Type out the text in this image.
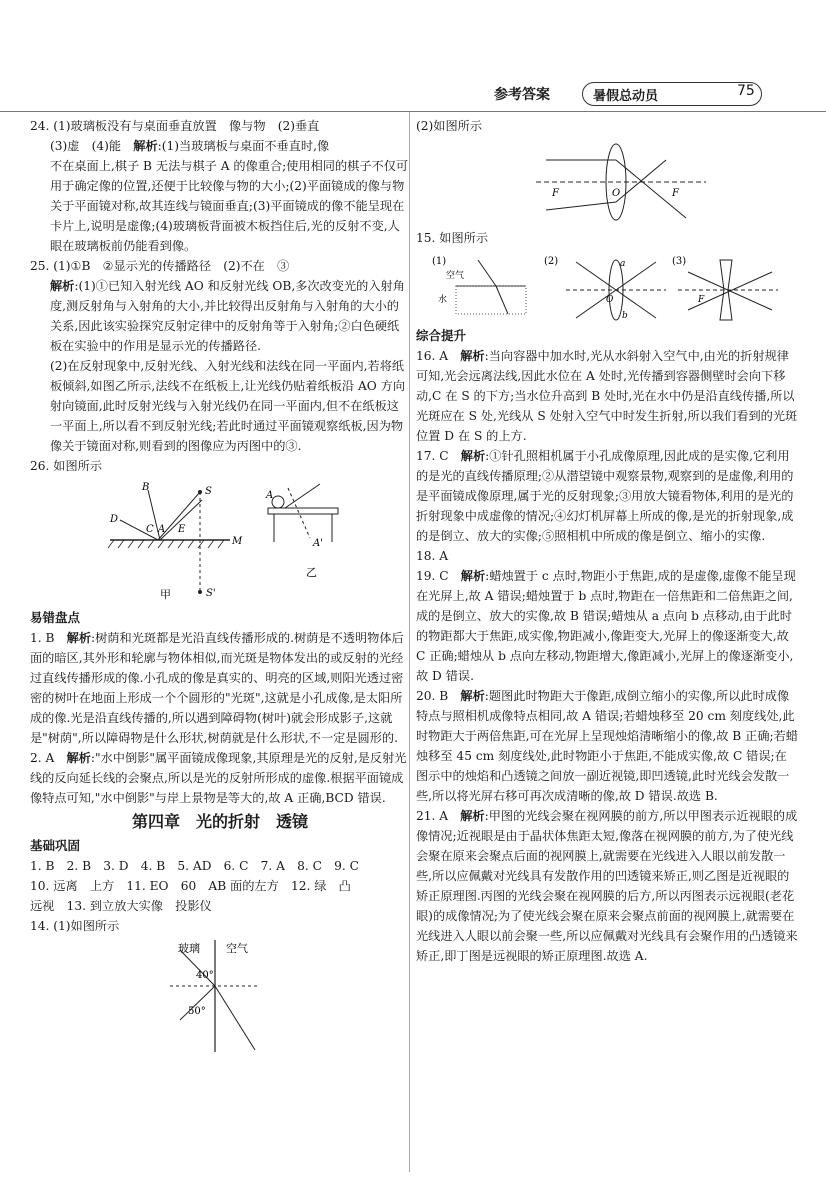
参考答案	暑假总动员	75

24. (1)玻璃板没有与桌面垂直放置　像与物　(2)垂直

(3)虚　(4)能　解析:(1)当玻璃板与桌面不垂直时,像

不在桌面上,棋子 B 无法与棋子 A 的像重合;使用相同的棋子不仅可用于确定像的位置,还便于比较像与物的大小;(2)平面镜成的像与物关于平面镜对称,故其连线与镜面垂直;(3)平面镜成的像不能呈现在卡片上,说明是虚像;(4)玻璃板背面被木板挡住后,光的反射不变,人眼在玻璃板前仍能看到像。

25. (1)①B　②显示光的传播路径　(2)不在　③

解析:(1)①已知入射光线 AO 和反射光线 OB,多次改变光的入射角度,测反射角与入射角的大小,并比较得出反射角与入射角的大小的关系,因此该实验探究反射定律中的反射角等于入射角;②白色硬纸板在实验中的作用是显示光的传播路径.

(2)在反射现象中,反射光线、入射光线和法线在同一平面内,若将纸板倾斜,如图乙所示,法线不在纸板上,让光线仍贴着纸板沿 AO 方向射向镜面,此时反射光线与入射光线仍在同一平面内,但不在纸板这一平面上,所以看不到反射光线;若此时通过平面镜观察纸板,因为物像关于镜面对称,则看到的图像应为丙图中的③.

26. 如图所示

B	S
D
C A E
M
S'
甲
A
A'
乙

易错盘点

1. B　解析:树荫和光斑都是光沿直线传播形成的.树荫是不透明物体后面的暗区,其外形和轮廓与物体相似,而光斑是物体发出的或反射的光经过直线传播形成的像.小孔成的像是真实的、明亮的区域,则阳光透过密密的树叶在地面上形成一个个圆形的"光斑",这就是小孔成像,是太阳所成的像.光是沿直线传播的,所以遇到障碍物(树叶)就会形成影子,这就是"树荫",所以障碍物是什么形状,树荫就是什么形状,不一定是圆形的.

2. A　解析:"水中倒影"属平面镜成像现象,其原理是光的反射,是反射光线的反向延长线的会聚点,所以是光的反射所形成的虚像.根据平面镜成像特点可知,"水中倒影"与岸上景物是等大的,故 A 正确,BCD 错误.

第四章　光的折射　透镜

基础巩固

1. B　2. B　3. D　4. B　5. AD　6. C　7. A　8. C　9. C

10. 远离　上方　11. EO　60　AB 面的左方　12. 绿　凸

远视　13. 到立放大实像　投影仪

14. (1)如图所示

玻璃 空气
40°
50°

(2)如图所示

F	O	F

15. 如图所示

(1)
空气
水
(2)	a
b
O
(3)
F

综合提升

16. A　解析:当向容器中加水时,光从水斜射入空气中,由光的折射规律可知,光会远离法线,因此水位在 A 处时,光传播到容器侧壁时会向下移动,C 在 S 的下方;当水位升高到 B 处时,光在水中仍是沿直线传播,所以光斑应在 S 处,光线从 S 处射入空气中时发生折射,所以我们看到的光斑位置 D 在 S 的上方.

17. C　解析:①针孔照相机属于小孔成像原理,因此成的是实像,它利用的是光的直线传播原理;②从潜望镜中观察景物,观察到的是虚像,利用的是平面镜成像原理,属于光的反射现象;③用放大镜看物体,利用的是光的折射现象中成虚像的情况;④幻灯机屏幕上所成的像,是光的折射现象,成的是倒立、放大的实像;⑤照相机中所成的像是倒立、缩小的实像.

18. A

19. C　解析:蜡烛置于 c 点时,物距小于焦距,成的是虚像,虚像不能呈现在光屏上,故 A 错误;蜡烛置于 b 点时,物距在一倍焦距和二倍焦距之间,成的是倒立、放大的实像,故 B 错误;蜡烛从 a 点向 b 点移动,由于此时的物距都大于焦距,成实像,物距减小,像距变大,光屏上的像逐渐变大,故 C 正确;蜡烛从 b 点向左移动,物距增大,像距减小,光屏上的像逐渐变小,故 D 错误.

20. B　解析:题图此时物距大于像距,成倒立缩小的实像,所以此时成像特点与照相机成像特点相同,故 A 错误;若蜡烛移至 20 cm 刻度线处,此时物距大于两倍焦距,可在光屏上呈现烛焰清晰缩小的像,故 B 正确;若蜡烛移至 45 cm 刻度线处,此时物距小于焦距,不能成实像,故 C 错误;在图示中的烛焰和凸透镜之间放一副近视镜,即凹透镜,此时光线会发散一些,所以将光屏右移可再次成清晰的像,故 D 错误.故选 B.

21. A　解析:甲图的光线会聚在视网膜的前方,所以甲图表示近视眼的成像情况;近视眼是由于晶状体焦距太短,像落在视网膜的前方,为了使光线会聚在原来会聚点后面的视网膜上,就需要在光线进入人眼以前发散一些,所以应佩戴对光线具有发散作用的凹透镜来矫正,则乙图是近视眼的矫正原理图.丙图的光线会聚在视网膜的后方,所以丙图表示远视眼(老花眼)的成像情况;为了使光线会聚在原来会聚点前面的视网膜上,就需要在光线进入人眼以前会聚一些,所以应佩戴对光线具有会聚作用的凸透镜来矫正,即丁图是远视眼的矫正原理图.故选 A.
